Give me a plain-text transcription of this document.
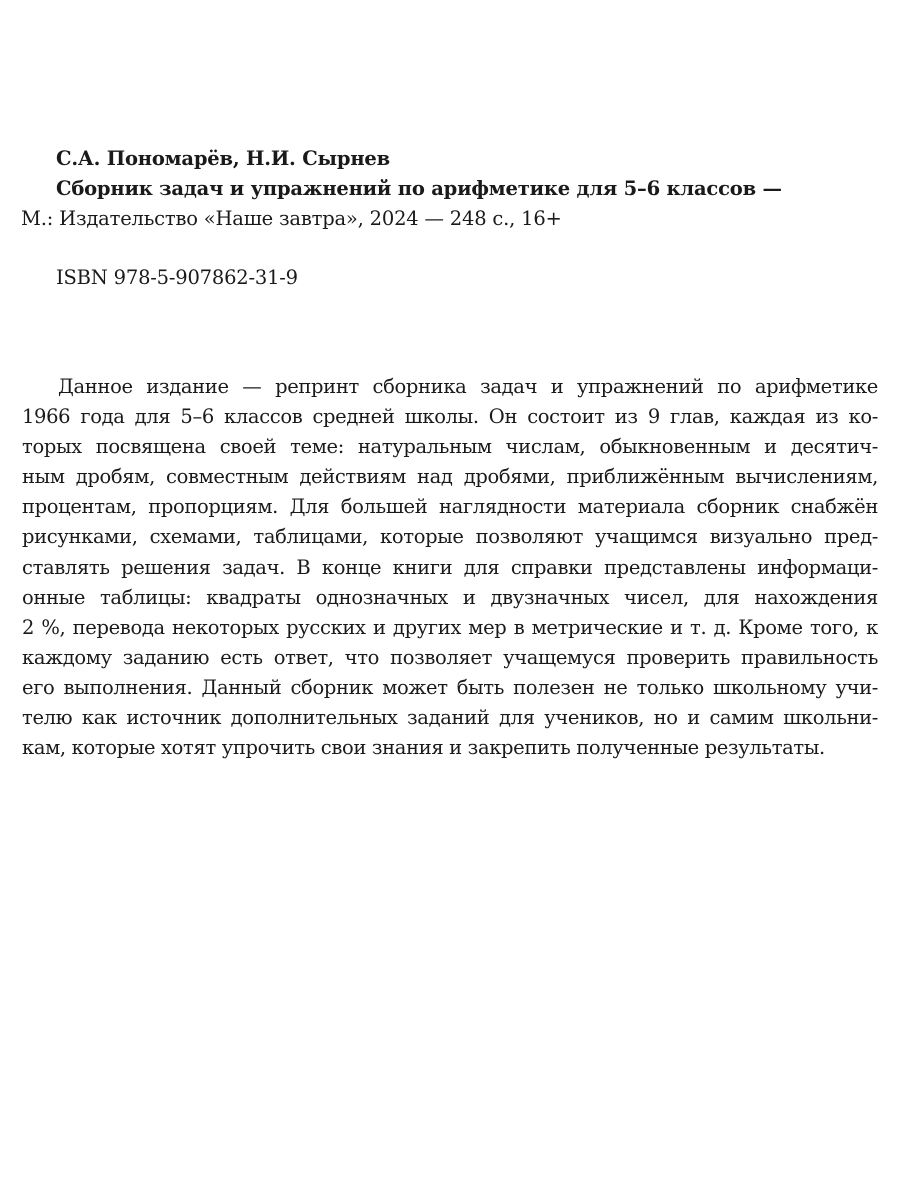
С.А. Пономарёв, Н.И. Сырнев
Сборник задач и упражнений по арифметике для 5–6 классов —
М.: Издательство «Наше завтра», 2024 — 248 с., 16+
ISBN 978-5-907862-31-9
Данное издание — репринт сборника задач и упражнений по арифметике
1966 года для 5–6 классов средней школы. Он состоит из 9 глав, каждая из ко-
торых посвящена своей теме: натуральным числам, обыкновенным и десятич-
ным дробям, совместным действиям над дробями, приближённым вычислениям,
процентам, пропорциям. Для большей наглядности материала сборник снабжён
рисунками, схемами, таблицами, которые позволяют учащимся визуально пред-
ставлять решения задач. В конце книги для справки представлены информаци-
онные таблицы: квадраты однозначных и двузначных чисел, для нахождения
2 %, перевода некоторых русских и других мер в метрические и т. д. Кроме того, к
каждому заданию есть ответ, что позволяет учащемуся проверить правильность
его выполнения. Данный сборник может быть полезен не только школьному учи-
телю как источник дополнительных заданий для учеников, но и самим школьни-
кам, которые хотят упрочить свои знания и закрепить полученные результаты.
